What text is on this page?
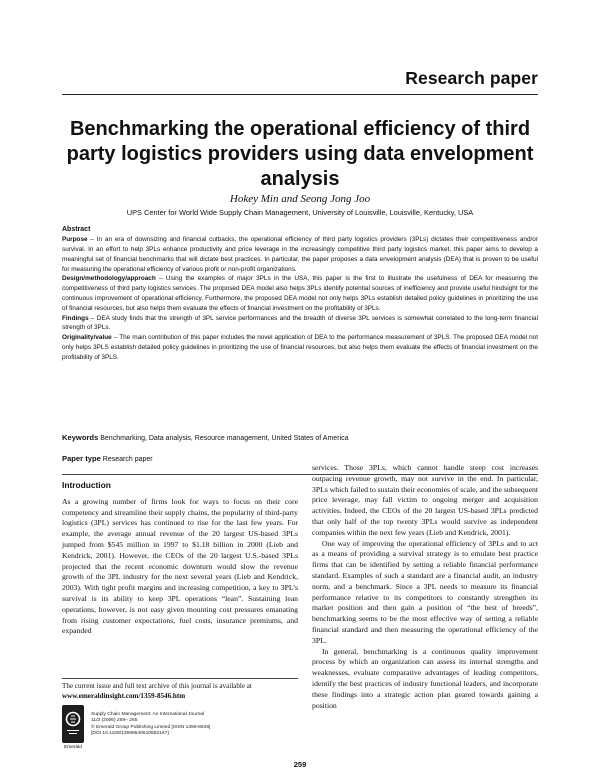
Research paper
Benchmarking the operational efficiency of third party logistics providers using data envelopment analysis
Hokey Min and Seong Jong Joo
UPS Center for World Wide Supply Chain Management, University of Louisville, Louisville, Kentucky, USA
Abstract

Purpose – In an era of downsizing and financial cutbacks, the operational efficiency of third party logistics providers (3PLs) dictates their competitiveness and/or survival. In an effort to help 3PLs enhance productivity and price leverage in the increasingly competitive third party logistics market, this paper aims to develop a meaningful set of financial benchmarks that will dictate best practices. In particular, the paper proposes a data envelopment analysis (DEA) that is proven to be useful for measuring the operational efficiency of various profit or non-profit organizations.

Design/methodology/approach – Using the examples of major 3PLs in the USA, this paper is the first to illustrate the usefulness of DEA for measuring the competitiveness of third party logistics services. The proposed DEA model also helps 3PLs identify potential sources of inefficiency and provide useful hindsight for the continuous improvement of operational efficiency. Furthermore, the proposed DEA model not only helps 3PLs establish detailed policy guidelines in prioritizing the use of financial resources, but also helps them evaluate the effects of financial investment on the profitability of 3PLs.

Findings – DEA study finds that the strength of 3PL service performances and the breadth of diverse 3PL services is somewhat correlated to the long-term financial strength of 3PLs.

Originality/value – The main contribution of this paper includes the novel application of DEA to the performance measurement of 3PLS. The proposed DEA model not only helps 3PLS establish detailed policy guidelines in prioritizing the use of financial resources, but also helps them evaluate the effects of financial investment on the profitability of 3PLS.

Keywords Benchmarking, Data analysis, Resource management, United States of America
Paper type Research paper
Introduction

As a growing number of firms look for ways to focus on their core competency and streamline their supply chains, the popularity of third-party logistics (3PL) services has continued to rise for the last few years. For example, the average annual revenue of the 20 largest US-based 3PLs jumped from $545 million in 1997 to $1.18 billion in 2000 (Lieb and Kendrick, 2001). However, the CEOs of the 20 largest U.S.-based 3PLs projected that the recent economic downturn would slow the revenue growth of the 3PL industry for the next several years (Lieb and Kendrick, 2003). With tight profit margins and increasing competition, a key to 3PL’s survival is its ability to keep 3PL operations “lean”. Sustaining lean operations, however, is not easy given mounting cost pressures emanating from rising customer expectations, fuel costs, insurance premiums, and expanded

services. Those 3PLs, which cannot handle steep cost increases outpacing revenue growth, may not survive in the end. In particular, 3PLs which failed to sustain their economies of scale, and the subsequent price leverage, may fall victim to ongoing merger and acquisition activities. Indeed, the CEOs of the 20 largest US-based 3PLs predicted that only half of the top twenty 3PLs would survive as independent companies within the next few years (Lieb and Kendrick, 2001).

One way of improving the operational efficiency of 3PLs and to act as a means of providing a survival strategy is to emulate best practice firms that can be identified by setting a reliable financial performance standard. Examples of such a standard are a financial audit, an industry norm, and a benchmark. Since a 3PL needs to measure its financial performance relative to its competitors to constantly strengthen its market position and then gain a position of “the best of breeds”, benchmarking seems to be the most effective way of setting a reliable financial standard and then measuring the operational efficiency of the 3PL.

In general, benchmarking is a continuous quality improvement process by which an organization can assess its internal strengths and weaknesses, evaluate comparative advantages of leading competitors, identify the best practices of industry functional leaders, and incorporate these findings into a strategic action plan geared towards gaining a position

The current issue and full text archive of this journal is available at
www.emeraldinsight.com/1359-8546.htm
Emerald
Supply Chain Management: An International Journal
11/3 (2006) 259– 265
© Emerald Group Publishing Limited [ISSN 1359-8546]
[DOI 10.1108/13598540610662167]
259
